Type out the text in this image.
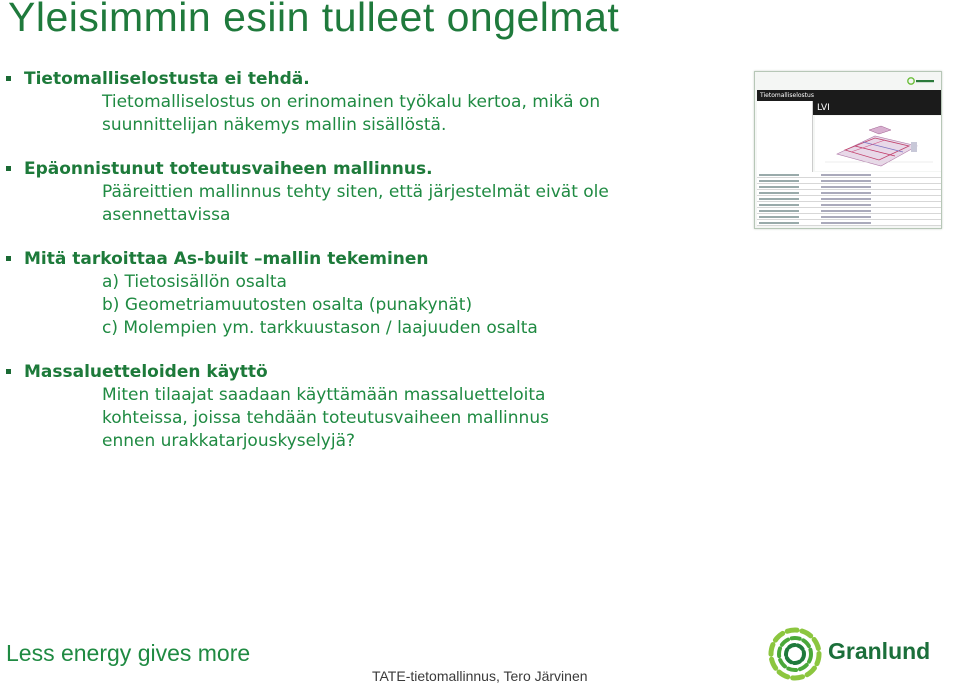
Yleisimmin esiin tulleet ongelmat
Tietomalliselostusta ei tehdä.
Tietomalliselostus on erinomainen työkalu kertoa, mikä on
suunnittelijan näkemys mallin sisällöstä.
Epäonnistunut toteutusvaiheen mallinnus.
Pääreittien mallinnus tehty siten, että järjestelmät eivät ole
asennettavissa
Mitä tarkoittaa As-built –mallin tekeminen
a) Tietosisällön osalta
b) Geometriamuutosten osalta (punakynät)
c) Molempien ym. tarkkuustason / laajuuden osalta
Massaluetteloiden käyttö
Miten tilaajat saadaan käyttämään massaluetteloita
kohteissa, joissa tehdään toteutusvaiheen mallinnus
ennen urakkatarjouskyselyjä?
Tietomalliselostus
LVI
Less energy gives more
TATE-tietomallinnus, Tero Järvinen
Granlund
